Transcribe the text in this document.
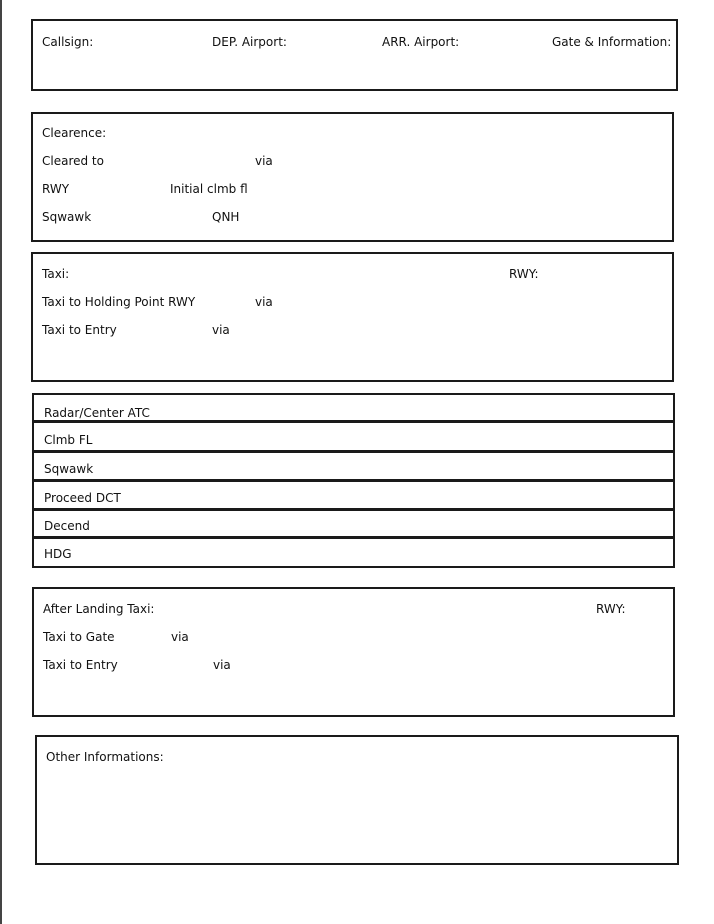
Callsign:	DEP. Airport:	ARR. Airport:	Gate & Information:
Clearence:
Cleared to	via
RWY	Initial clmb fl
Sqwawk	QNH
Taxi:	RWY:
Taxi to Holding Point RWY	via
Taxi to Entry	via
Radar/Center ATC
Clmb FL
Sqwawk
Proceed DCT
Decend
HDG
After Landing Taxi:	RWY:
Taxi to Gate	via
Taxi to Entry	via
Other Informations:
